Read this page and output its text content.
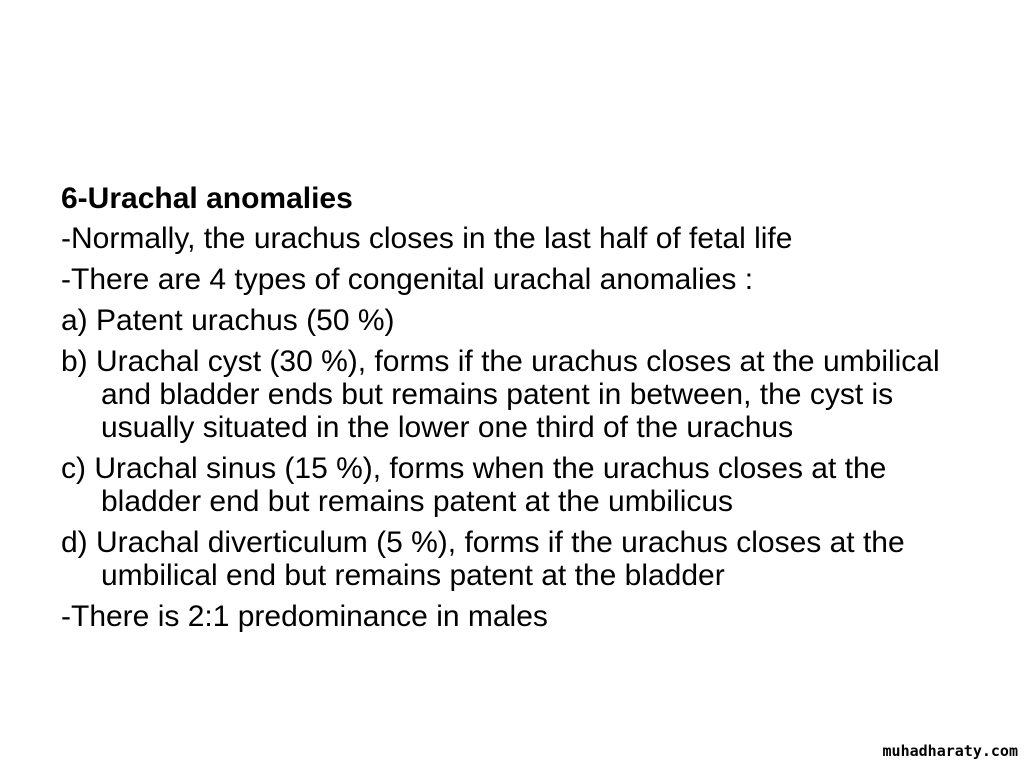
6-Urachal anomalies
-Normally, the urachus closes in the last half of fetal life
-There are 4 types of congenital urachal anomalies :
a) Patent urachus (50 %)
b) Urachal cyst (30 %), forms if the urachus closes at the umbilical and bladder ends but remains patent in between, the cyst is usually situated in the lower one third of the urachus
c) Urachal sinus (15 %), forms when the urachus closes at the bladder end but remains patent at the umbilicus
d) Urachal diverticulum (5 %), forms if the urachus closes at the umbilical end but remains patent at the bladder
-There is 2:1 predominance in males
muhadharaty.com
